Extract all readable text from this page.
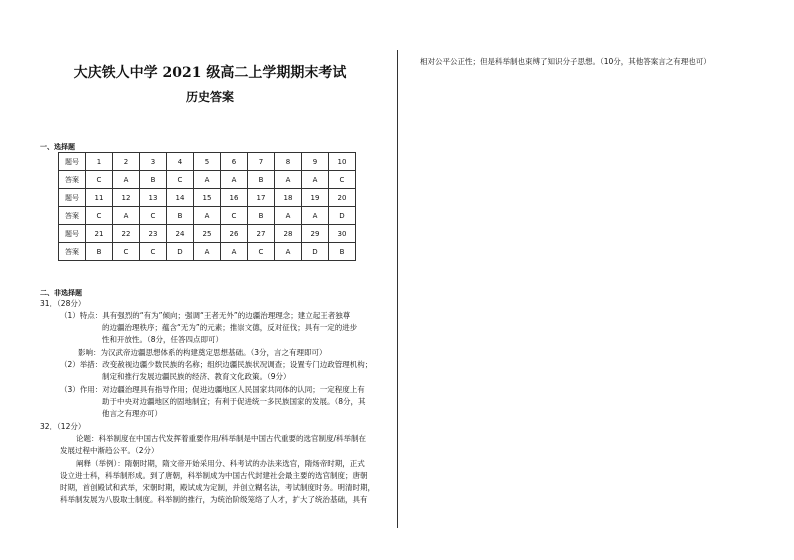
大庆铁人中学 2021 级高二上学期期末考试
历史答案
一、选择题
题号	1	2	3	4	5	6	7	8	9	10
答案	C	A	B	C	A	A	B	A	A	C
题号	11	12	13	14	15	16	17	18	19	20
答案	C	A	C	B	A	C	B	A	A	D
题号	21	22	23	24	25	26	27	28	29	30
答案	B	C	C	D	A	A	C	A	D	B
二、非选择题
31．（28分）
（1）特点：具有强烈的“有为”倾向；强调“王者无外”的边疆治理理念；建立起王者独尊
的边疆治理秩序；蕴含“无为”的元素；推崇文德，反对征伐；具有一定的进步
性和开放性。（8分，任答四点即可）
影响：为汉武帝边疆思想体系的构建奠定思想基础。（3分，言之有理即可）
（2）举措：改变赦视边疆少数民族的名称；组织边疆民族状况调查；设置专门边政管理机构；
制定和推行发展边疆民族的经济、教育文化政策。（9分）
（3）作用：对边疆治理具有指导作用；促进边疆地区人民国家共同体的认同；一定程度上有
助于中央对边疆地区的固地制宜；有利于促进统一多民族国家的发展。（8分，其
他言之有理亦可）
32．（12分）
论题：科举制度在中国古代发挥着重要作用/科举制是中国古代重要的选官制度/科举制在
发展过程中渐趋公平。（2分）
阐释（举例）：隋朝时期，隋文帝开始采用分、科考试的办法来选官，隋炀帝时期，正式
设立进士科，科举制形成。到了唐朝，科举制成为中国古代封建社会最主要的选官制度；唐朝
时期，首创殿试和武举，宋朝时期，殿试成为定制，并创立糊名法，考试制度时务。明清时期，
科举制发展为八股取士制度。科举制的推行，为统治阶级笼络了人才，扩大了统治基础，具有
相对公平公正性；但是科举制也束缚了知识分子思想。（10分，其他答案言之有理也可）
